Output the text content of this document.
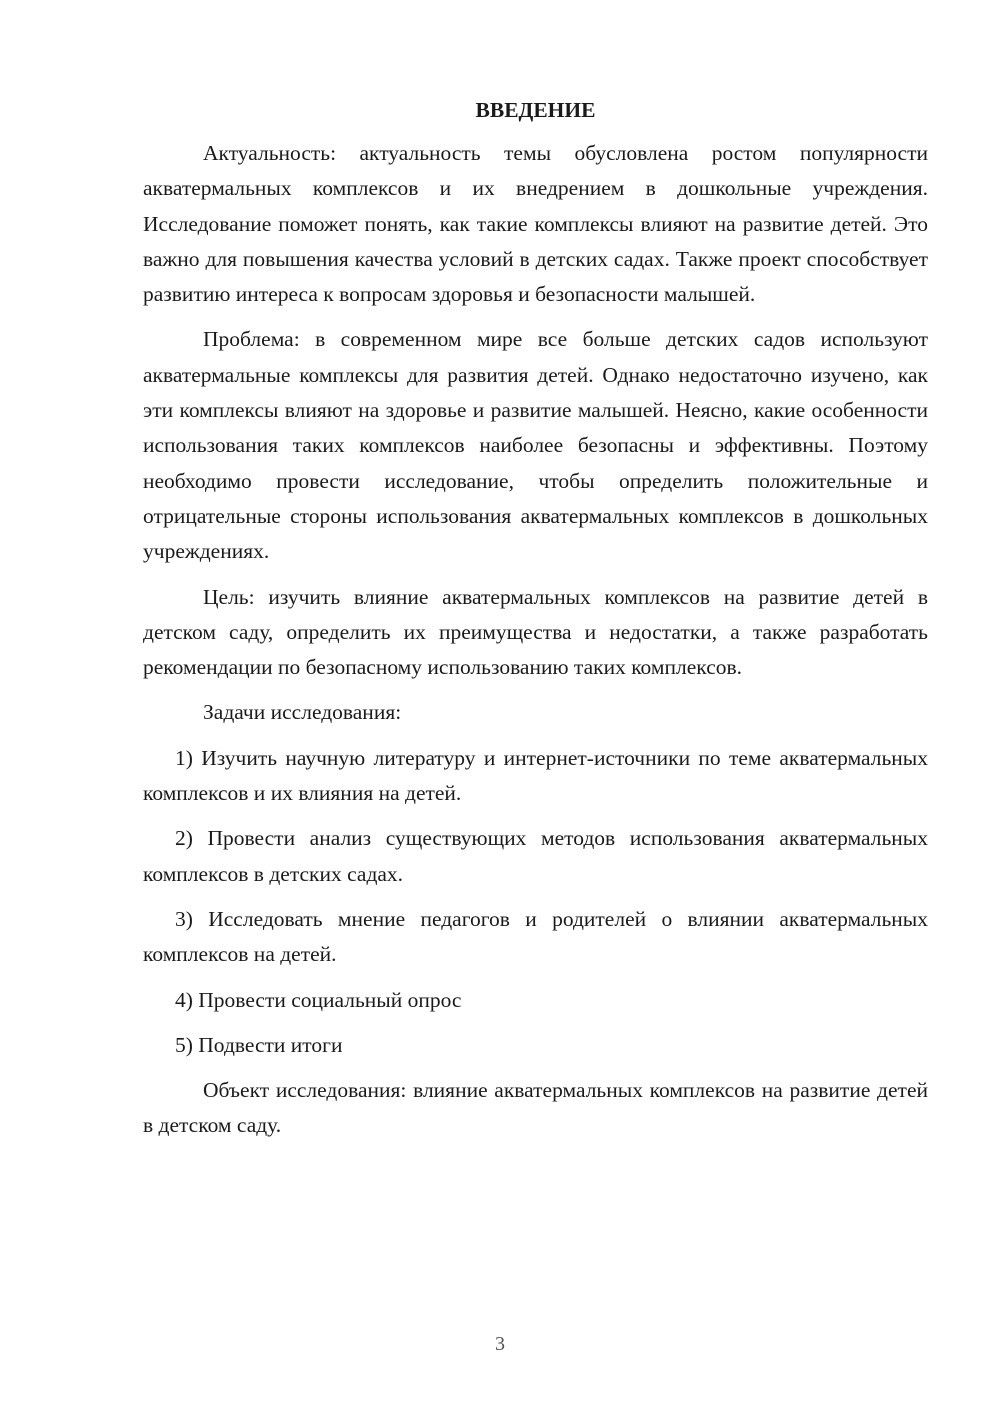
ВВЕДЕНИЕ

Актуальность: актуальность темы обусловлена ростом популярности акватермальных комплексов и их внедрением в дошкольные учреждения. Исследование поможет понять, как такие комплексы влияют на развитие детей. Это важно для повышения качества условий в детских садах. Также проект способствует развитию интереса к вопросам здоровья и безопасности малышей.

Проблема: в современном мире все больше детских садов используют акватермальные комплексы для развития детей. Однако недостаточно изучено, как эти комплексы влияют на здоровье и развитие малышей. Неясно, какие особенности использования таких комплексов наиболее безопасны и эффективны. Поэтому необходимо провести исследование, чтобы определить положительные и отрицательные стороны использования акватермальных комплексов в дошкольных учреждениях.

Цель: изучить влияние акватермальных комплексов на развитие детей в детском саду, определить их преимущества и недостатки, а также разработать рекомендации по безопасному использованию таких комплексов.

Задачи исследования:

1) Изучить научную литературу и интернет-источники по теме акватермальных комплексов и их влияния на детей.

2) Провести анализ существующих методов использования акватермальных комплексов в детских садах.

3) Исследовать мнение педагогов и родителей о влиянии акватермальных комплексов на детей.

4) Провести социальный опрос

5) Подвести итоги

Объект исследования: влияние акватермальных комплексов на развитие детей в детском саду.

3
